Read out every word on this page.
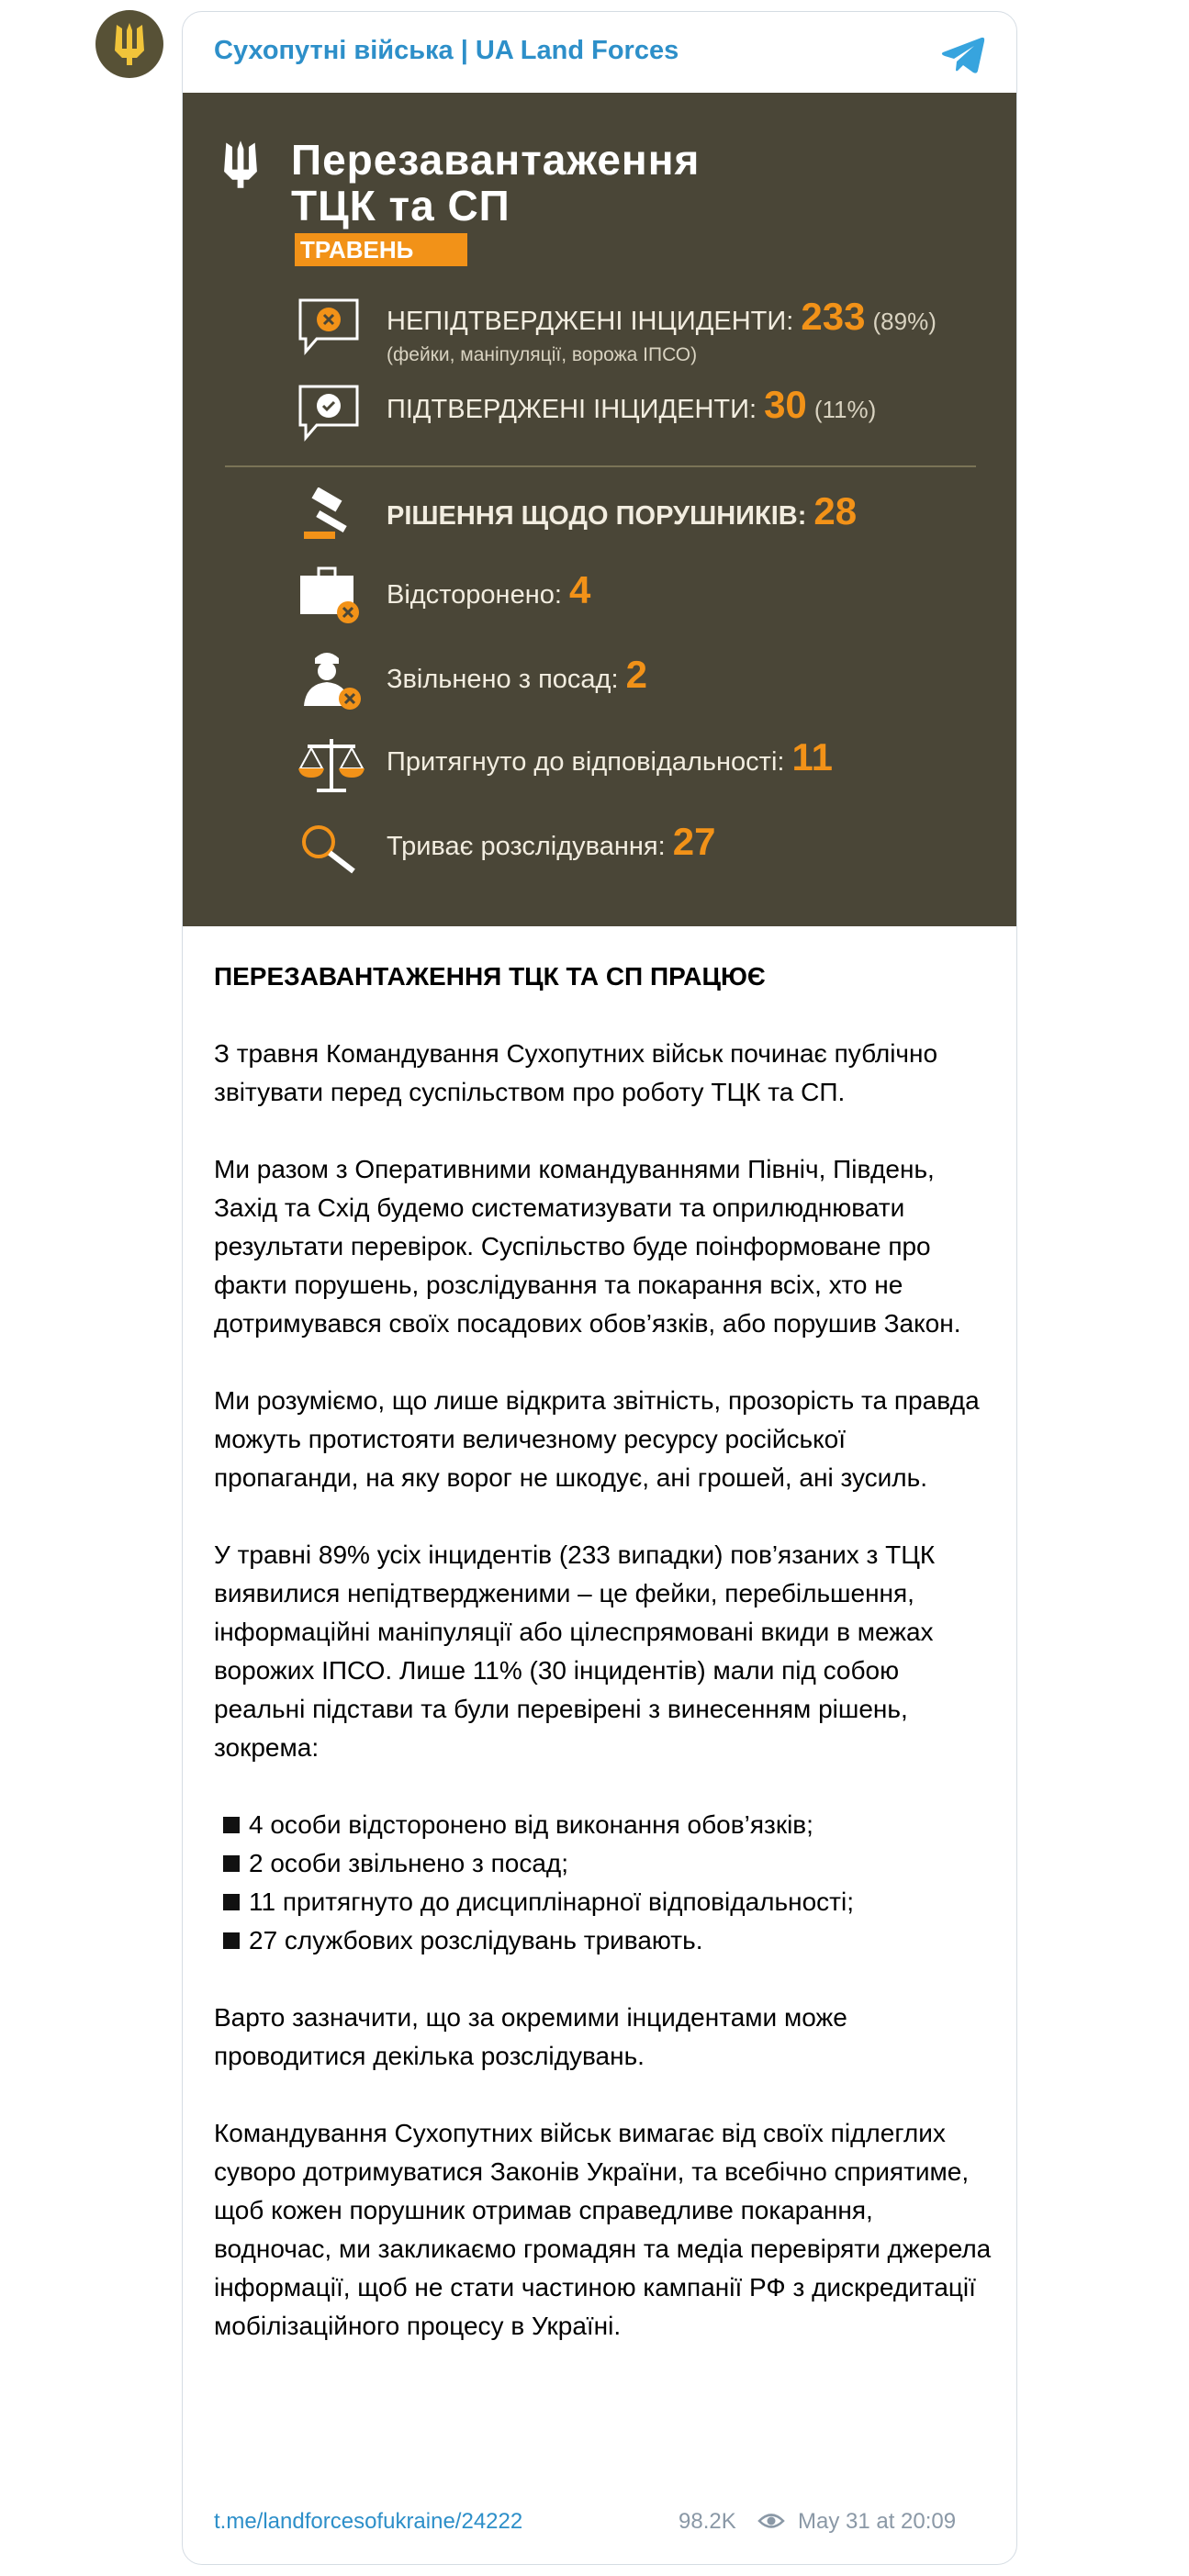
Сухопутні війська | UA Land Forces
Перезавантаження
ТЦК та СП
ТРАВЕНЬ
НЕПІДТВЕРДЖЕНІ ІНЦИДЕНТИ: 233 (89%)
(фейки, маніпуляції, ворожа ІПСО)
ПІДТВЕРДЖЕНІ ІНЦИДЕНТИ: 30 (11%)
РІШЕННЯ ЩОДО ПОРУШНИКІВ: 28
Відсторонено: 4
Звільнено з посад: 2
Притягнуто до відповідальності: 11
Триває розслідування: 27

ПЕРЕЗАВАНТАЖЕННЯ ТЦК ТА СП ПРАЦЮЄ

З травня Командування Сухопутних військ починає публічно звітувати перед суспільством про роботу ТЦК та СП.

Ми разом з Оперативними командуваннями Північ, Південь, Захід та Схід будемо систематизувати та оприлюднювати результати перевірок. Суспільство буде поінформоване про факти порушень, розслідування та покарання всіх, хто не дотримувався своїх посадових обов’язків, або порушив Закон.

Ми розуміємо, що лише відкрита звітність, прозорість та правда можуть протистояти величезному ресурсу російської пропаганди, на яку ворог не шкодує, ані грошей, ані зусиль.

У травні 89% усіх інцидентів (233 випадки) пов’язаних з ТЦК виявилися непідтвердженими – це фейки, перебільшення, інформаційні маніпуляції або цілеспрямовані вкиди в межах ворожих ІПСО. Лише 11% (30 інцидентів) мали під собою реальні підстави та були перевірені з винесенням рішень, зокрема:

4 особи відсторонено від виконання обов’язків;
2 особи звільнено з посад;
11 притягнуто до дисциплінарної відповідальності;
27 службових розслідувань тривають.

Варто зазначити, що за окремими інцидентами може проводитися декілька розслідувань.

Командування Сухопутних військ вимагає від своїх підлеглих суворо дотримуватися Законів України, та всебічно сприятиме, щоб кожен порушник отримав справедливе покарання, водночас, ми закликаємо громадян та медіа перевіряти джерела інформації, щоб не стати частиною кампанії РФ з дискредитації мобілізаційного процесу в Україні.

t.me/landforcesofukraine/24222	98.2K	May 31 at 20:09
